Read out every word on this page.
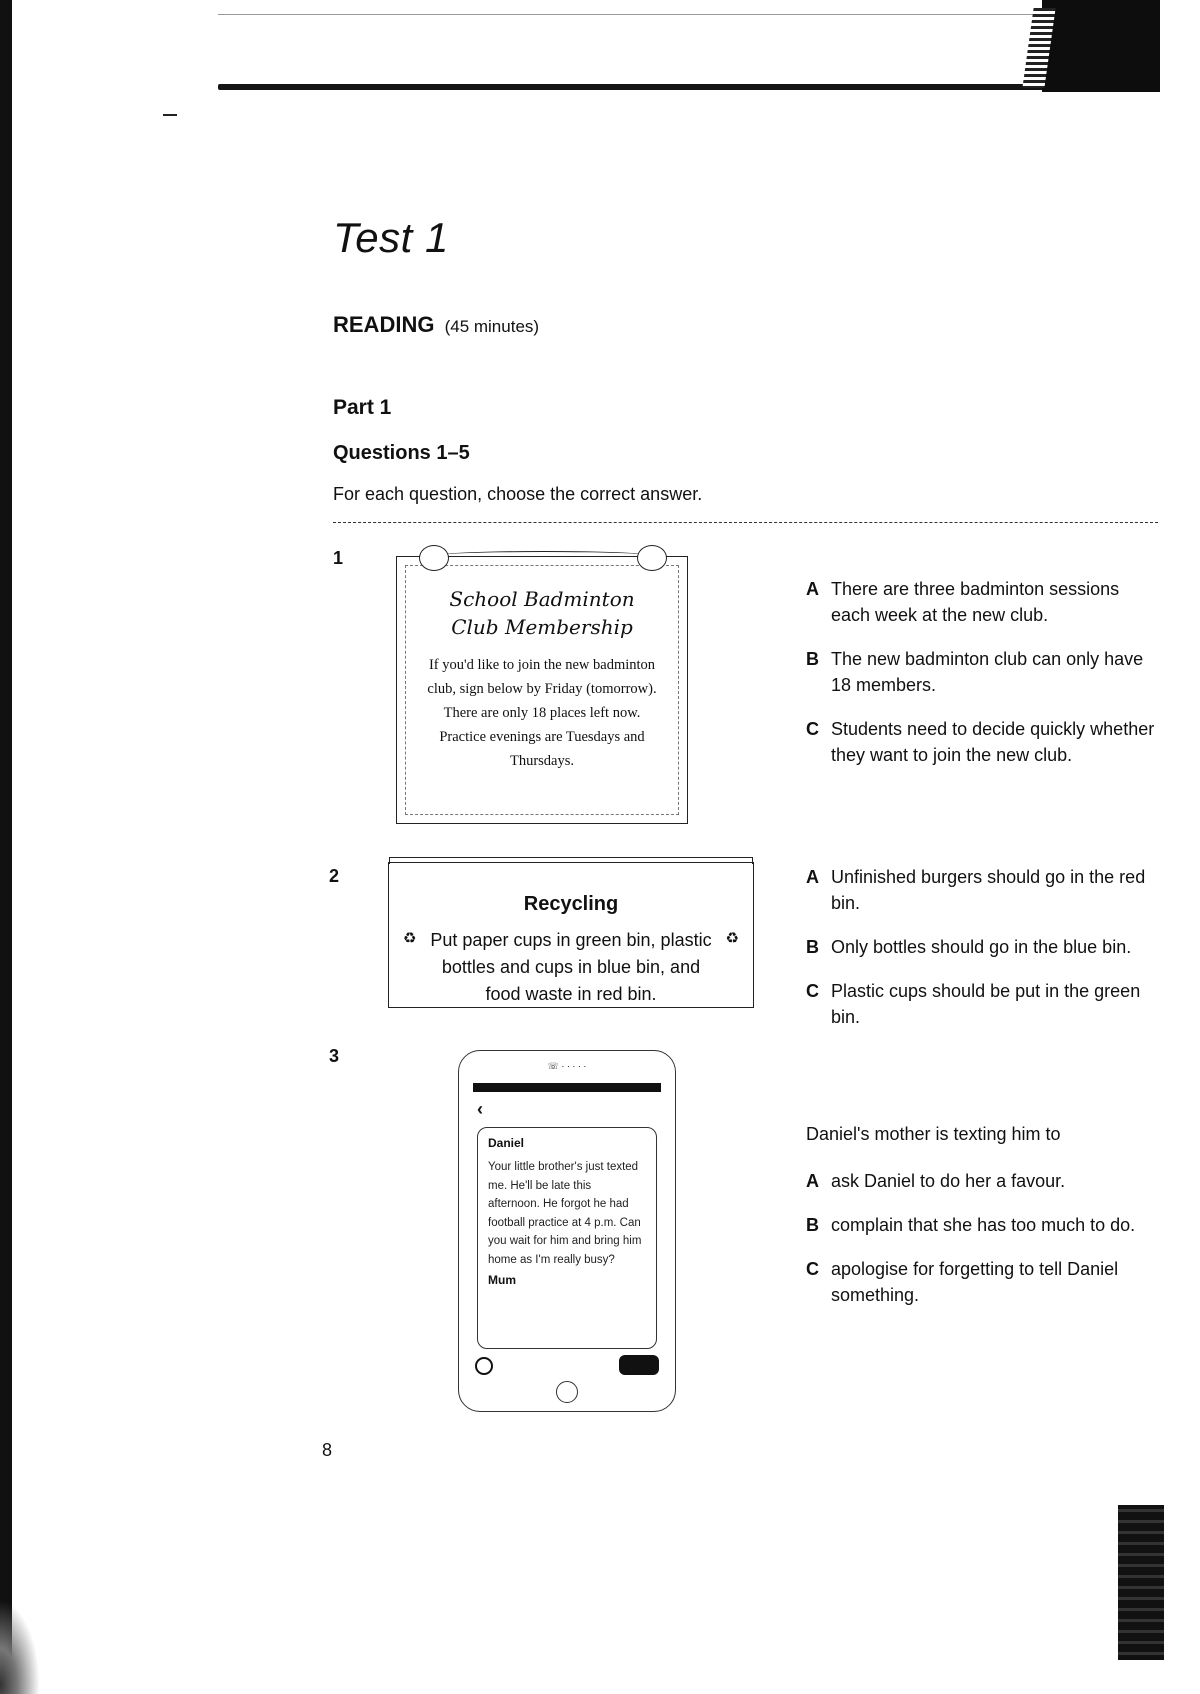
Test 1
READING (45 minutes)
Part 1
Questions 1–5
For each question, choose the correct answer.
1
School Badminton
Club Membership
If you'd like to join the new badminton club, sign below by Friday (tomorrow). There are only 18 places left now. Practice evenings are Tuesdays and Thursdays.
A There are three badminton sessions each week at the new club.
B The new badminton club can only have 18 members.
C Students need to decide quickly whether they want to join the new club.
2
Recycling
♻	♻
Put paper cups in green bin, plastic bottles and cups in blue bin, and food waste in red bin.
A Unfinished burgers should go in the red bin.
B Only bottles should go in the blue bin.
C Plastic cups should be put in the green bin.
3	☏ · · · · ·
‹
Daniel
Your little brother's just texted me. He'll be late this afternoon. He forgot he had football practice at 4 p.m. Can you wait for him and bring him home as I'm really busy?
Mum
Daniel's mother is texting him to
A ask Daniel to do her a favour.
B complain that she has too much to do.
C apologise for forgetting to tell Daniel something.
8
